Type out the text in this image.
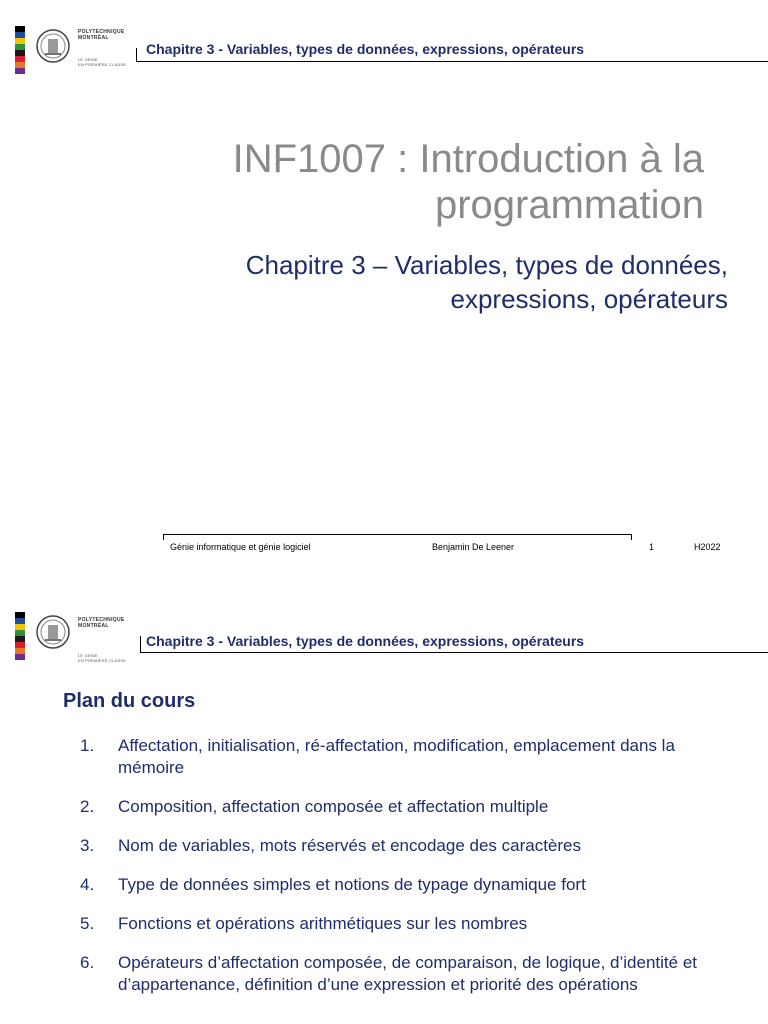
POLYTECHNIQUE
MONTRÉAL
LE GÉNIE
EN PREMIÈRE CLASSE
Chapitre 3 - Variables, types de données, expressions, opérateurs
INF1007 : Introduction à la
programmation
Chapitre 3 – Variables, types de données,
expressions, opérateurs
Génie informatique et génie logiciel	Benjamin De Leener	1	H2022
POLYTECHNIQUE
MONTRÉAL
LE GÉNIE
EN PREMIÈRE CLASSE
Chapitre 3 - Variables, types de données, expressions, opérateurs
Plan du cours
1.	Affectation, initialisation, ré-affectation, modification, emplacement dans la mémoire
2.	Composition, affectation composée et affectation multiple
3.	Nom de variables, mots réservés et encodage des caractères
4.	Type de données simples et notions de typage dynamique fort
5.	Fonctions et opérations arithmétiques sur les nombres
6.	Opérateurs d’affectation composée, de comparaison, de logique, d’identité et d’appartenance, définition d’une expression et priorité des opérations
